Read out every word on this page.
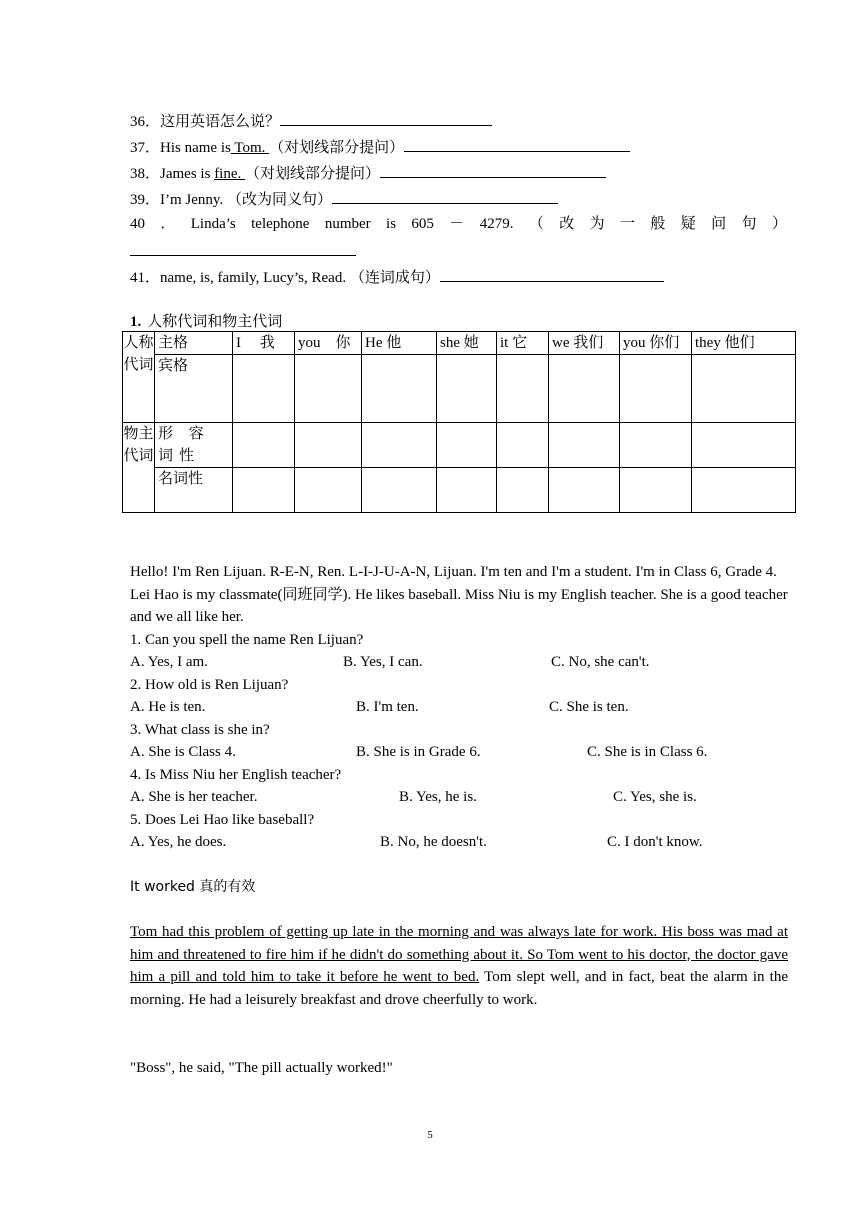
36．这用英语怎么说？
37．His name is Tom. （对划线部分提问）
38．James is fine. （对划线部分提问）
39．I’m Jenny. （改为同义句）
40 ． Linda’s telephone number is 605 － 4279. （ 改 为 一 般 疑 问 句 ）
41．name, is, family, Lucy’s, Read. （连词成句）
1. 人称代词和物主代词
人称代词	主格	I　 我	you　你	He 他	she 她	it 它	we 我们	you 你们	they 他们
	宾格								
物主代词	形 容 词性								
	名词性								
Hello! I'm Ren Lijuan. R-E-N, Ren. L-I-J-U-A-N, Lijuan. I'm ten and I'm a student. I'm in Class 6, Grade 4. Lei Hao is my classmate(同班同学). He likes baseball. Miss Niu is my English teacher. She is a good teacher and we all like her.
1. Can you spell the name Ren Lijuan?
A. Yes, I am.	B. Yes, I can.	C. No, she can't.
2. How old is Ren Lijuan?
A. He is ten.	B. I'm ten.	C. She is ten.
3. What class is she in?
A. She is Class 4.	B. She is in Grade 6.	C. She is in Class 6.
4. Is Miss Niu her English teacher?
A. She is her teacher.	B. Yes, he is.	C. Yes, she is.
5. Does Lei Hao like baseball?
A. Yes, he does.	B. No, he doesn't.	C. I don't know.
It worked 真的有效
Tom had this problem of getting up late in the morning and was always late for work. His boss was mad at him and threatened to fire him if he didn't do something about it. So Tom went to his doctor, the doctor gave him a pill and told him to take it before he went to bed. Tom slept well, and in fact, beat the alarm in the morning. He had a leisurely breakfast and drove cheerfully to work.
"Boss", he said, "The pill actually worked!"
5
